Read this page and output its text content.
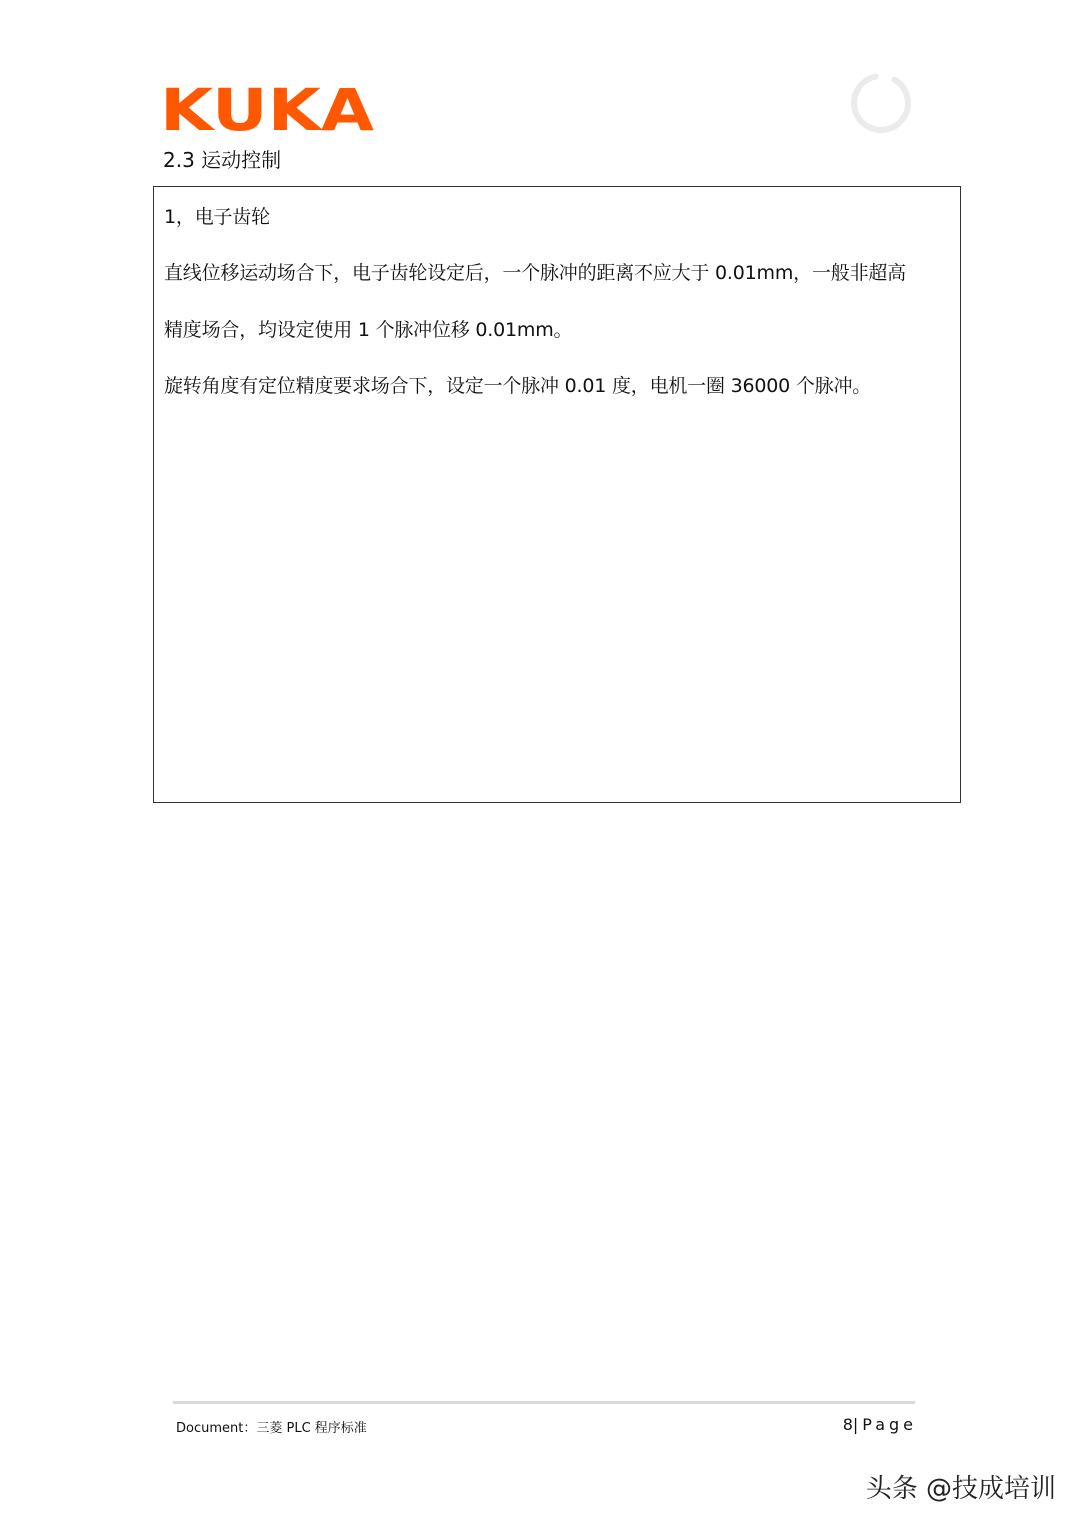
KUKA
2.3 运动控制
1，电子齿轮
直线位移运动场合下，电子齿轮设定后，一个脉冲的距离不应大于 0.01mm，一般非超高
精度场合，均设定使用 1 个脉冲位移 0.01mm。
旋转角度有定位精度要求场合下，设定一个脉冲 0.01 度，电机一圈 36000 个脉冲。
Document：三菱 PLC 程序标准	8| Page
头条 @技成培训
